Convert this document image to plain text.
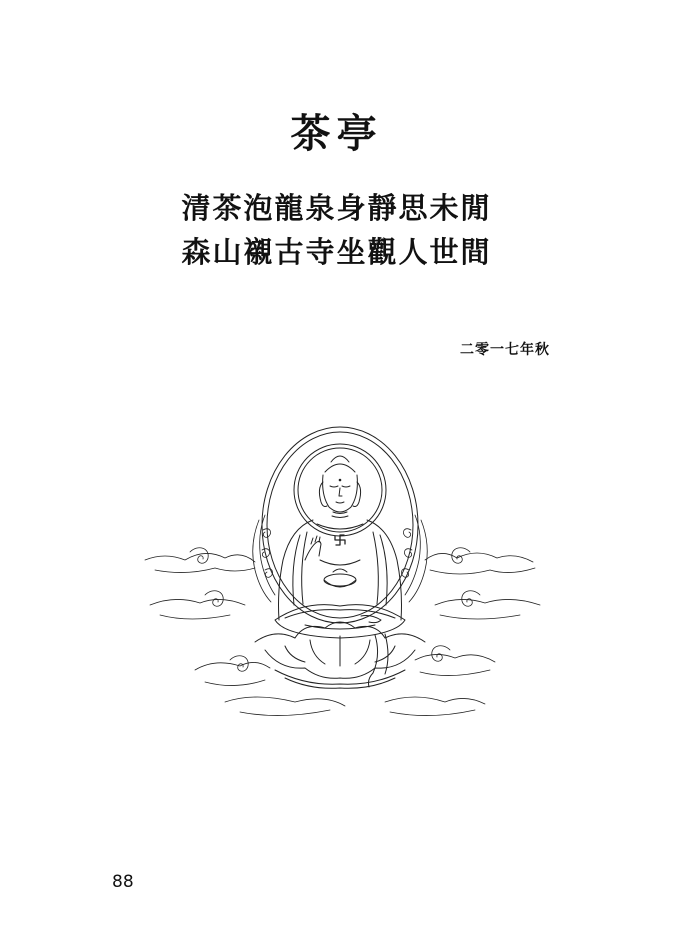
茶亭
清茶泡龍泉身靜思未閒
森山襯古寺坐觀人世間
二零一七年秋
88
